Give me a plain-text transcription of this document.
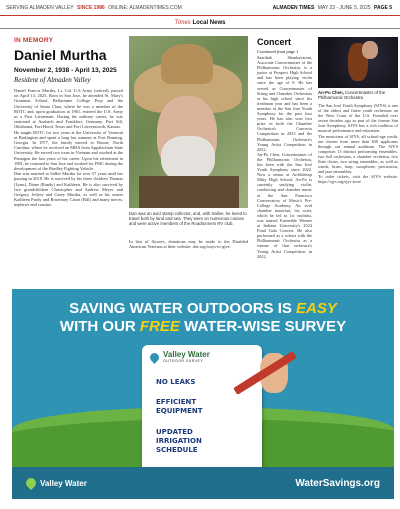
SERVING ALMADEN VALLEY SINCE 1986 ONLINE: ALMADENTIMES.COM	ALMADEN TIMES MAY 23 - JUNE 5, 2025 PAGE 5
Times Local News
IN MEMORY
Daniel Murtha
November 2, 1938 - April 13, 2025
Resident of Almaden Valley

Daniel Francis Murtha, Lt. Col. U.S Army (retired), passed on April 13, 2025. Born in San Jose, he attended St. Mary's Grammar School, Bellarmine College Prep and the University of Santa Clara, where he was a member of the ROTC and, upon graduation in 1961, entered the U.S. Army as a First Lieutenant. During his military career, he was stationed at Ansbach and Frankfurt, Germany, Fort Sill, Oklahoma, Fort Hood, Texas and Fort Leavenworth, Kansas.

He taught ROTC for two years at the University of Vermont at Burlington and spent a long hot summer at Fort Benning, Georgia. In 1977, the family moved to Boone, North Carolina, where he received an MBA from Appalachian State University. He served two tours in Vietnam and worked at the Pentagon the last years of his career. Upon his retirement in 1981, he returned to San Jose and worked for FMC during the development of the Bradley Fighting Vehicle.

Dan was married to Sallee Murtha for over 57 years until her passing in 2018. He is survived by his three children Thomas (Lynn), Diane (Randy) and Kathleen. He is also survived by five grandchildren Christopher and Andrew Meyer and Gregory, Jeffrey and Casey Murtha, as well as his sisters Kathleen Purdy and Rosemary Caton (Bill) and many nieces, nephews and cousins.

Dan was an avid stamp collector, and, with Sallee, he loved to travel both by land and sea. They were on numerous cruises and were active members of the Roadrunners RV club.
In lieu of flowers, donations may be made to the Disabled American Veterans at their website: dav.org/ways-to-give.
Concert
Continued from page 1

Saarthak Shankavaram, Associate Concertmaster of the Philharmonic Orchestra, is a junior at Prospect High School and has been playing violin since the age of 9. He has served as Concertmaster of String and Chamber Orchestras at his high school since his freshman year and has been a member of the San Jose Youth Symphony for the past four years. He has also won first prize in both the Chamber Orchestra's Concerto Competition in 2023 and the Philharmonic Orchestra's Young Artist Competition in 2022.

An-Pu Chen, Concertmaster of the Philharmonic Orchestra, has been with the San José Youth Symphony since 2022. Now a senior at Archbishop Mitty High School, An-Pu is currently studying violin, conducting and chamber music at the San Francisco Conservatory of Music's Pre-College Academy. An avid chamber musician, his octet, which he led as 1st violinist, was named Ensemble Winner at Indiana University's 2024 Final Gala Concert. He also performed as a soloist with the Philharmonic Orchestra as a winner of that orchestra's Young Artist Competition in 2022.

An-Pu Chen, Concertmaster of the Philharmonic Orchestra

The San José Youth Symphony (SJYS) is one of the oldest and finest youth orchestras on the West Coast of the U.S. Founded over seven decades ago as part of the former San Jose Symphony, SJYS has a rich tradition of musical performance and education.

The musicians of SJYS, all school-age youth, are chosen from more than 650 applicants through our annual auditions. The SJYS comprises 13 distinct performing ensembles: two full orchestras, a chamber orchestra, two flute choirs, two string ensembles, as well as winds, brass, harp, saxophone, percussion, and jazz ensembles.

To order tickets, visit the SJYS website: https://sjys.org/sjys-store

SAVING WATER OUTDOORS IS EASY
WITH OUR FREE WATER-WISE SURVEY
Valley Water
OUTDOOR SURVEY
NO LEAKS
EFFICIENT
EQUIPMENT
UPDATED
IRRIGATION
SCHEDULE
Valley Water	WaterSavings.org
